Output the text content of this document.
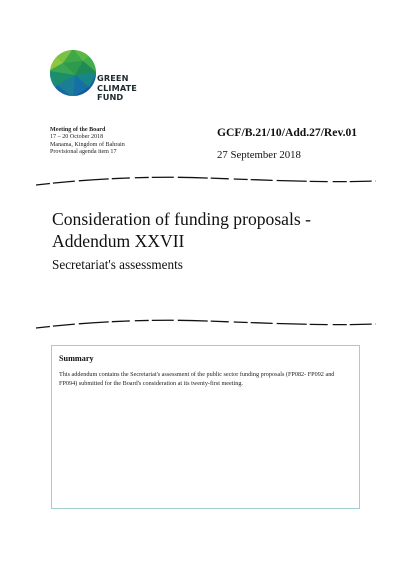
GREEN
CLIMATE
FUND
Meeting of the Board
17 – 20 October 2018
Manama, Kingdom of Bahrain
Provisional agenda item 17
GCF/B.21/10/Add.27/Rev.01
27 September 2018
Consideration of funding proposals - Addendum XXVII
Secretariat's assessments
Summary
This addendum contains the Secretariat's assessment of the public sector funding proposals (FP082- FP092 and FP094) submitted for the Board's consideration at its twenty-first meeting.
